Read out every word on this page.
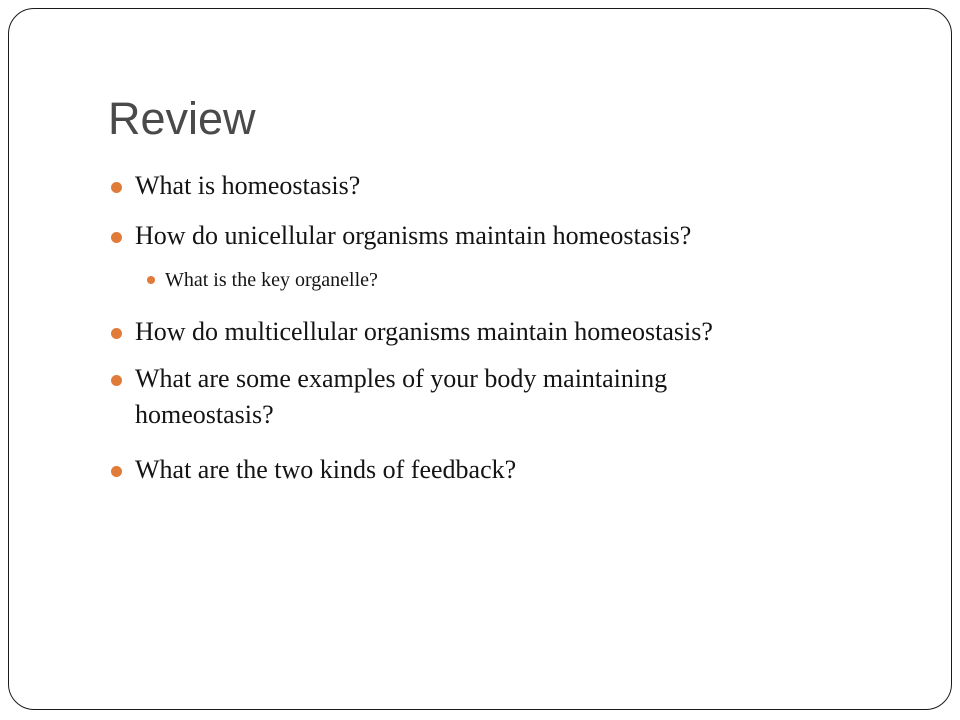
Review
What is homeostasis?
How do unicellular organisms maintain homeostasis?
What is the key organelle?
How do multicellular organisms maintain homeostasis?
What are some examples of your body maintaining
homeostasis?
What are the two kinds of feedback?
